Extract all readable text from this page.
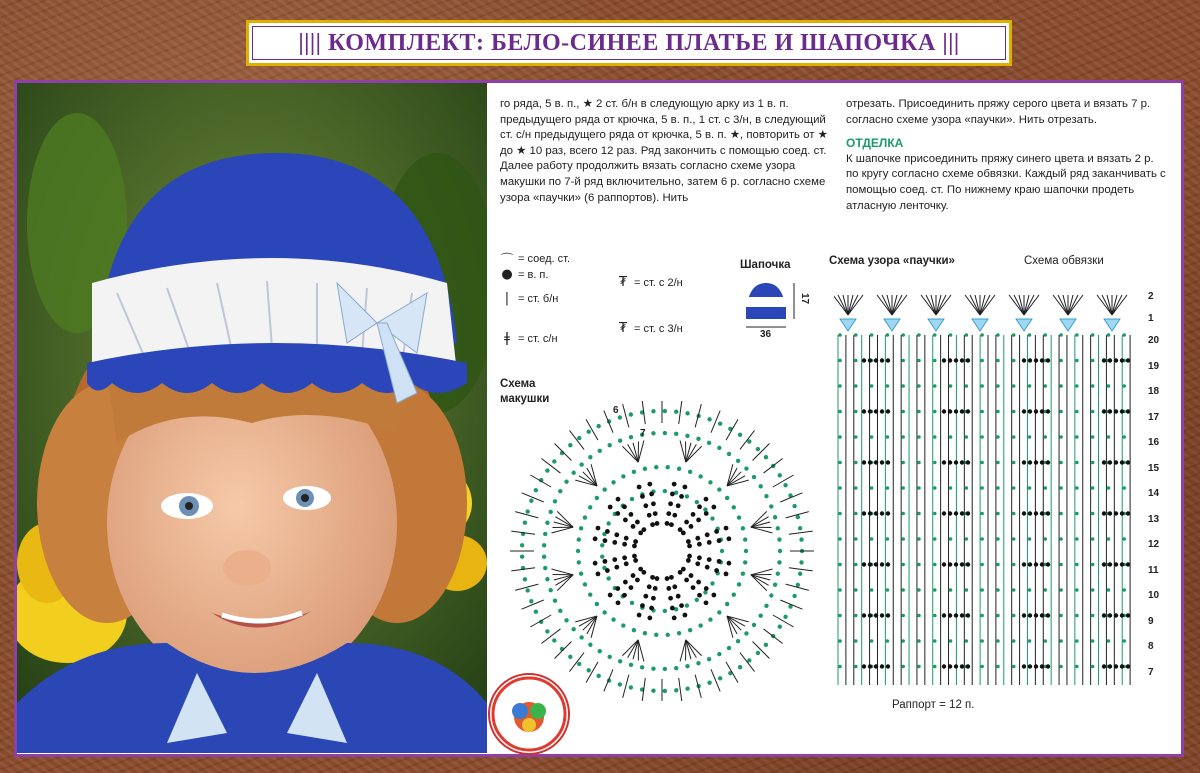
|||| КОМПЛЕКТ: БЕЛО-СИНЕЕ ПЛАТЬЕ И ШАПОЧКА |||

го ряда, 5 в. п., ★ 2 ст. б/н в следующую арку из 1 в. п. предыдущего ряда от крючка, 5 в. п., 1 ст. с 3/н, в следующий ст. с/н предыдущего ряда от крючка, 5 в. п. ★, повторить от ★ до ★ 10 раз, всего 12 раз. Ряд закончить с помощью соед. ст.

Далее работу продолжить вязать согласно схеме узора макушки по 7-й ряд включительно, затем 6 р. согласно схеме узора «паучки» (6 раппортов). Нить

отрезать. Присоединить пряжу серого цвета и вязать 7 р. согласно схеме узора «паучки». Нить отрезать.

ОТДЕЛКА

К шапочке присоединить пряжу синего цвета и вязать 2 р. по кругу согласно схеме обвязки. Каждый ряд заканчивать с помощью соед. ст. По нижнему краю шапочки продеть атласную ленточку.

⌒ = соед. ст.
● = в. п.
| = ст. б/н
ǂ = ст. с/н
₮ = ст. с 2/н
₮ = ст. с 3/н
Шапочка
17
36
Схема
макушки
6
7
Схема узора «паучки»	Схема обвязки
20
19
18
17
16
15
14
13
12
11
10
9
8
7
2
1
Раппорт = 12 п.
